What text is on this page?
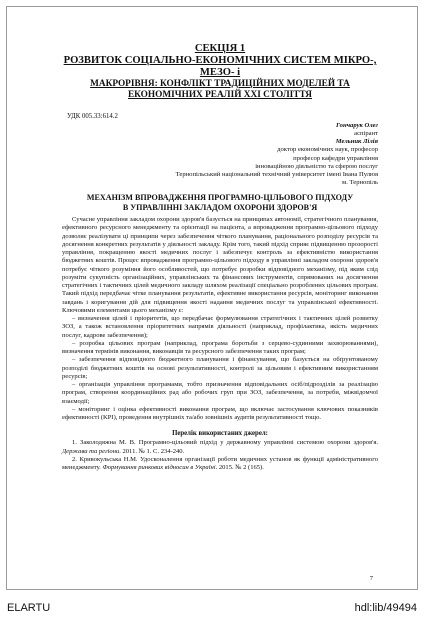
СЕКЦІЯ 1
РОЗВИТОК СОЦІАЛЬНО-ЕКОНОМІЧНИХ СИСТЕМ МІКРО-, МЕЗО- і
МАКРОРІВНЯ: КОНФЛІКТ ТРАДИЦІЙНИХ МОДЕЛЕЙ ТА
ЕКОНОМІЧНИХ РЕАЛІЙ ХХІ СТОЛІТТЯ
УДК 005.33:614.2
Гончарук Олег
аспірант
Мельник Лілія
доктор економічних наук, професор
професор кафедри управління
інноваційною діяльністю та сферою послуг
Тернопільський національний технічний університет імені Івана Пулюя
м. Тернопіль
МЕХАНІЗМ ВПРОВАДЖЕННЯ ПРОГРАМНО-ЦІЛЬОВОГО ПІДХОДУ
В УПРАВЛІННІ ЗАКЛАДОМ ОХОРОНИ ЗДОРОВ'Я

Сучасне управління закладом охорони здоров'я базується на принципах автономії, стратегічного планування, ефективного ресурсного менеджменту та орієнтації на пацієнта, а впровадження програмно-цільового підходу дозволяє реалізувати ці принципи через забезпечення чіткого планування, раціонального розподілу ресурсів та досягнення конкретних результатів у діяльності закладу. Крім того, такий підхід сприяє підвищенню прозорості управління, покращенню якості медичних послуг і забезпечує контроль за ефективністю використання бюджетних коштів. Процес впровадження програмно-цільового підходу в управлінні закладом охорони здоров'я потребує чіткого розуміння його особливостей, що потребує розробки відповідного механізму, під яким слід розуміти сукупність організаційних, управлінських та фінансових інструментів, спрямованих на досягнення стратегічних і тактичних цілей медичного закладу шляхом реалізації спеціально розроблених цільових програм. Такий підхід передбачає чітке планування результатів, ефективне використання ресурсів, моніторинг виконання завдань і коригування дій для підвищення якості надання медичних послуг та управлінської ефективності. Ключовими елементами цього механізму є:

– визначення цілей і пріоритетів, що передбачає формулювання стратегічних і тактичних цілей розвитку ЗОЗ, а також встановлення пріоритетних напрямів діяльності (наприклад, профілактика, якість медичних послуг, кадрове забезпечення);

– розробка цільових програм (наприклад, програма боротьби з серцево-судинними захворюваннями), визначення термінів виконання, виконавців та ресурсного забезпечення таких програм;

– забезпечення відповідного бюджетного планування і фінансування, що базується на обґрунтованому розподілі бюджетних коштів на основі результативності, контролі за цільовим і ефективним використанням ресурсів;

– організація управління програмами, тобто призначення відповідальних осіб/підрозділів за реалізацію програм, створення координаційних рад або робочих груп при ЗОЗ, забезпечення, за потреби, міжвідомчої взаємодії;

– моніторинг і оцінка ефективності виконання програм, що включає застосування ключових показників ефективності (KPI), проведення внутрішніх та/або зовнішніх аудитів результативності тощо.

Перелік використаних джерел:

1. Заколодяжна М. В. Програмно-цільовий підхід у державному управлінні системою охорони здоров'я. Держава та регіони. 2011. № 1. С. 234-240.

2. Кривокульська Н.М. Удосконалення організації роботи медичних установ як функції адміністративного менеджменту. Формування ринкових відносин в Україні. 2015. № 2 (165).

7
ELARTU	hdl:lib/49494
